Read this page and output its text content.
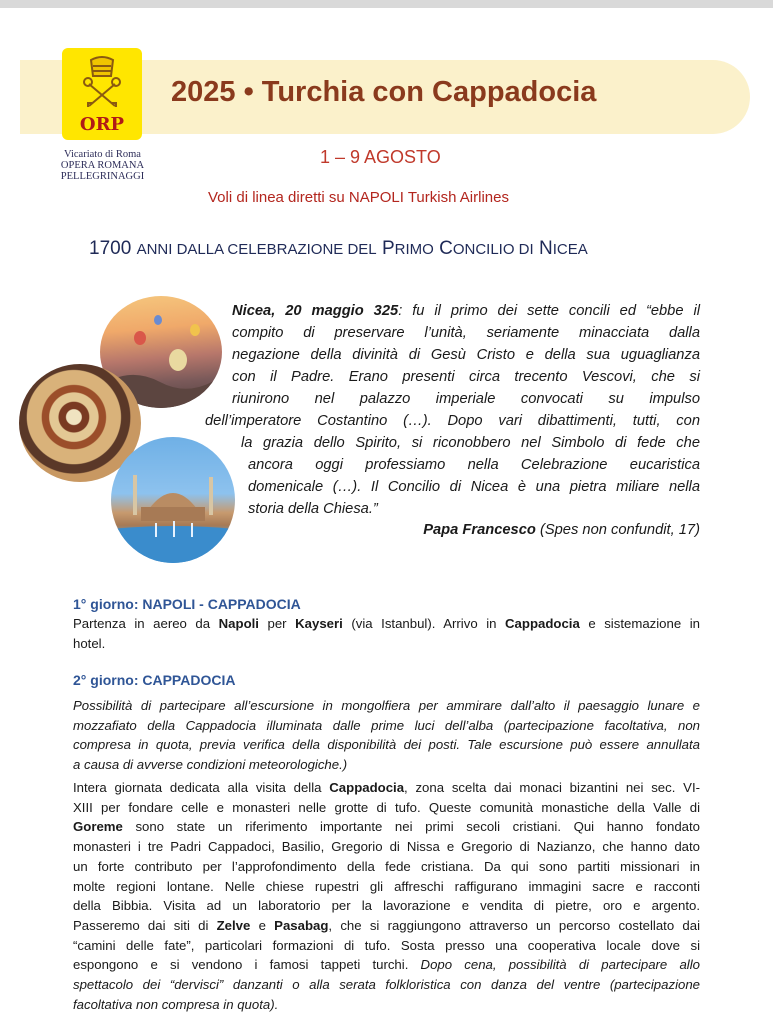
ORP
Vicariato di Roma
OPERA ROMANA
PELLEGRINAGGI
2025 • Turchia con Cappadocia
1 – 9 AGOSTO
Voli di linea diretti su NAPOLI Turkish Airlines
1700 ANNI DALLA CELEBRAZIONE DEL PRIMO CONCILIO DI NICEA
Nicea, 20 maggio 325: fu il primo dei sette concili ed “ebbe il
compito di preservare l’unità, seriamente minacciata dalla
negazione della divinità di Gesù Cristo e della sua uguaglianza
con il Padre. Erano presenti circa trecento Vescovi, che si
riunirono nel palazzo imperiale convocati su impulso
dell’imperatore Costantino (…). Dopo vari dibattimenti, tutti, con
la grazia dello Spirito, si riconobbero nel Simbolo di fede che
ancora oggi professiamo nella Celebrazione eucaristica
domenicale (…). Il Concilio di Nicea è una pietra miliare nella
storia della Chiesa.”
Papa Francesco (Spes non confundit, 17)
1° giorno: NAPOLI - CAPPADOCIA
Partenza in aereo da Napoli per Kayseri (via Istanbul). Arrivo in Cappadocia e sistemazione in
hotel.
2° giorno: CAPPADOCIA
Possibilità di partecipare all’escursione in mongolfiera per ammirare dall’alto il paesaggio lunare e
mozzafiato della Cappadocia illuminata dalle prime luci dell’alba (partecipazione facoltativa, non
compresa in quota, previa verifica della disponibilità dei posti. Tale escursione può essere annullata
a causa di avverse condizioni meteorologiche.)
Intera giornata dedicata alla visita della Cappadocia, zona scelta dai monaci bizantini nei sec. VI-
XIII per fondare celle e monasteri nelle grotte di tufo. Queste comunità monastiche della Valle di
Goreme sono state un riferimento importante nei primi secoli cristiani. Qui hanno fondato
monasteri i tre Padri Cappadoci, Basilio, Gregorio di Nissa e Gregorio di Nazianzo, che hanno dato
un forte contributo per l’approfondimento della fede cristiana. Da qui sono partiti missionari in
molte regioni lontane. Nelle chiese rupestri gli affreschi raffigurano immagini sacre e racconti
della Bibbia. Visita ad un laboratorio per la lavorazione e vendita di pietre, oro e argento.
Passeremo dai siti di Zelve e Pasabag, che si raggiungono attraverso un percorso costellato dai
“camini delle fate”, particolari formazioni di tufo. Sosta presso una cooperativa locale dove si
espongono e si vendono i famosi tappeti turchi. Dopo cena, possibilità di partecipare allo
spettacolo dei “dervisci” danzanti o alla serata folkloristica con danza del ventre (partecipazione
facoltativa non compresa in quota).
